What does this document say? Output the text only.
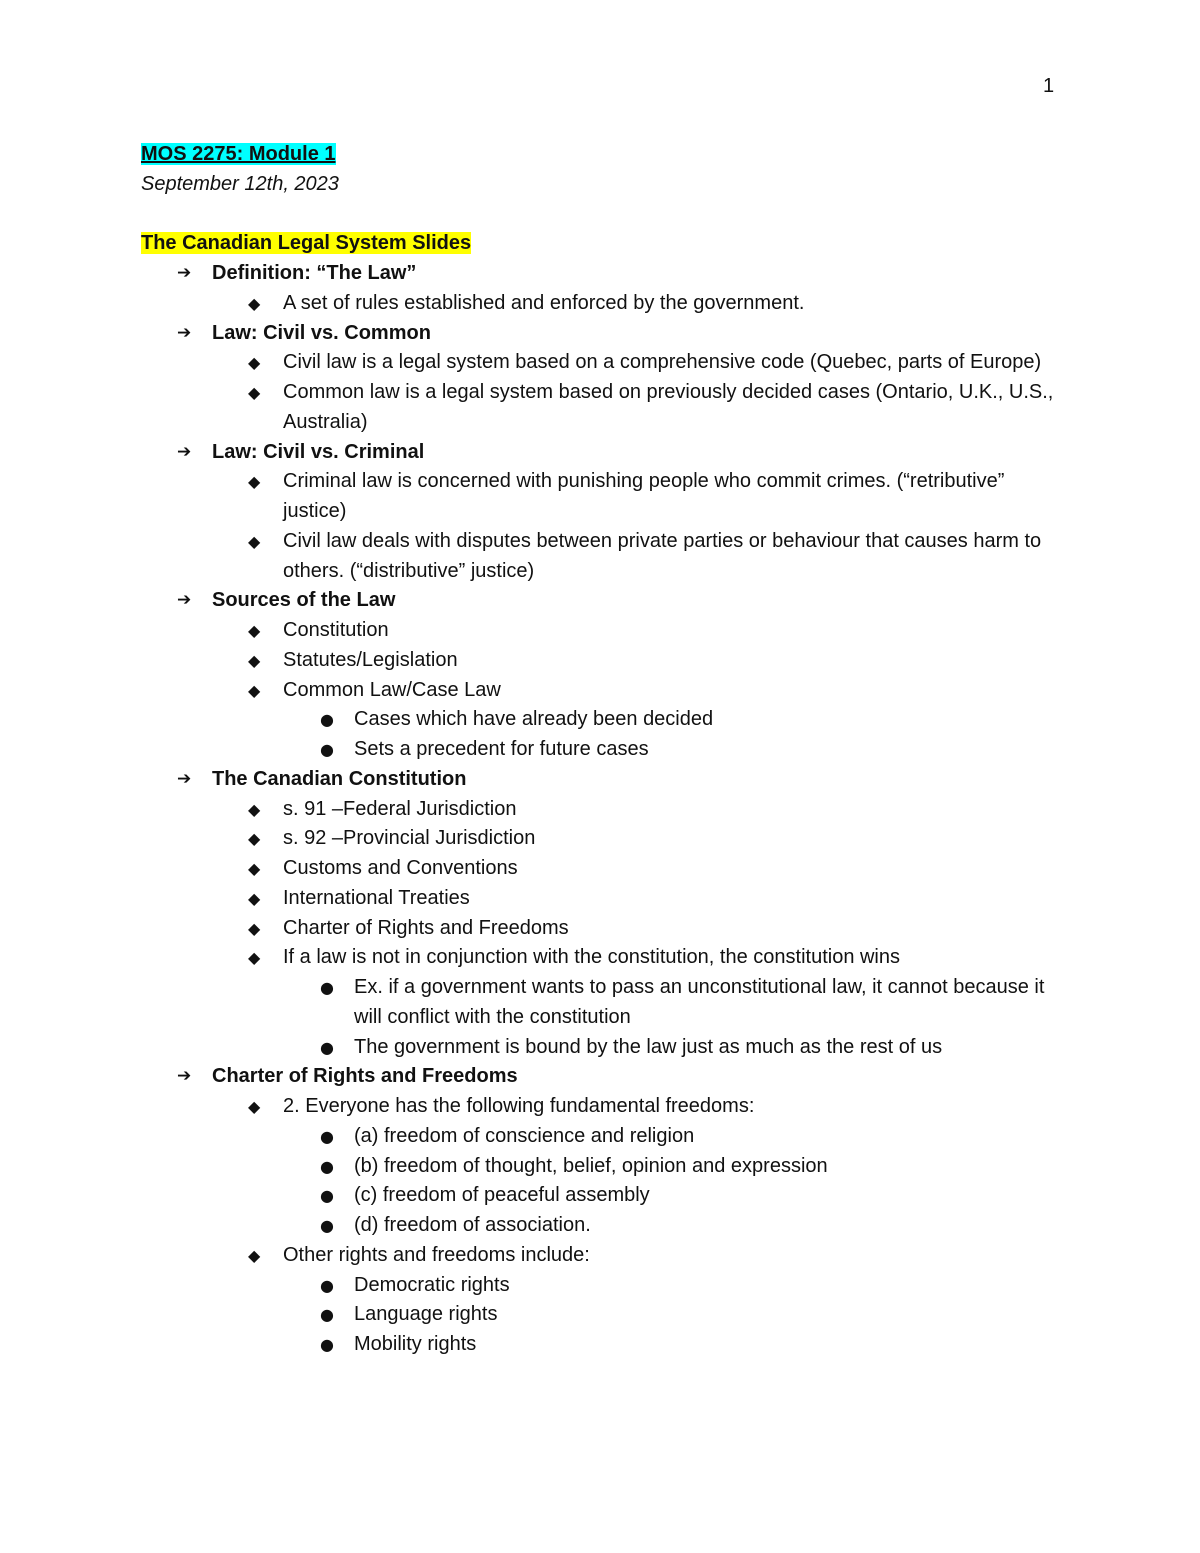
1
MOS 2275: Module 1
September 12th, 2023
The Canadian Legal System Slides
➔	Definition: “The Law”
◆	A set of rules established and enforced by the government.
➔	Law: Civil vs. Common
◆	Civil law is a legal system based on a comprehensive code (Quebec, parts of Europe)
◆	Common law is a legal system based on previously decided cases (Ontario, U.K., U.S., Australia)
➔	Law: Civil vs. Criminal
◆	Criminal law is concerned with punishing people who commit crimes. (“retributive” justice)
◆	Civil law deals with disputes between private parties or behaviour that causes harm to others. (“distributive” justice)
➔	Sources of the Law
◆	Constitution
◆	Statutes/Legislation
◆	Common Law/Case Law
●	Cases which have already been decided
●	Sets a precedent for future cases
➔	The Canadian Constitution
◆	s. 91 –Federal Jurisdiction
◆	s. 92 –Provincial Jurisdiction
◆	Customs and Conventions
◆	International Treaties
◆	Charter of Rights and Freedoms
◆	If a law is not in conjunction with the constitution, the constitution wins
●	Ex. if a government wants to pass an unconstitutional law, it cannot because it will conflict with the constitution
●	The government is bound by the law just as much as the rest of us
➔	Charter of Rights and Freedoms
◆	2. Everyone has the following fundamental freedoms:
●	(a) freedom of conscience and religion
●	(b) freedom of thought, belief, opinion and expression
●	(c) freedom of peaceful assembly
●	(d) freedom of association.
◆	Other rights and freedoms include:
●	Democratic rights
●	Language rights
●	Mobility rights
